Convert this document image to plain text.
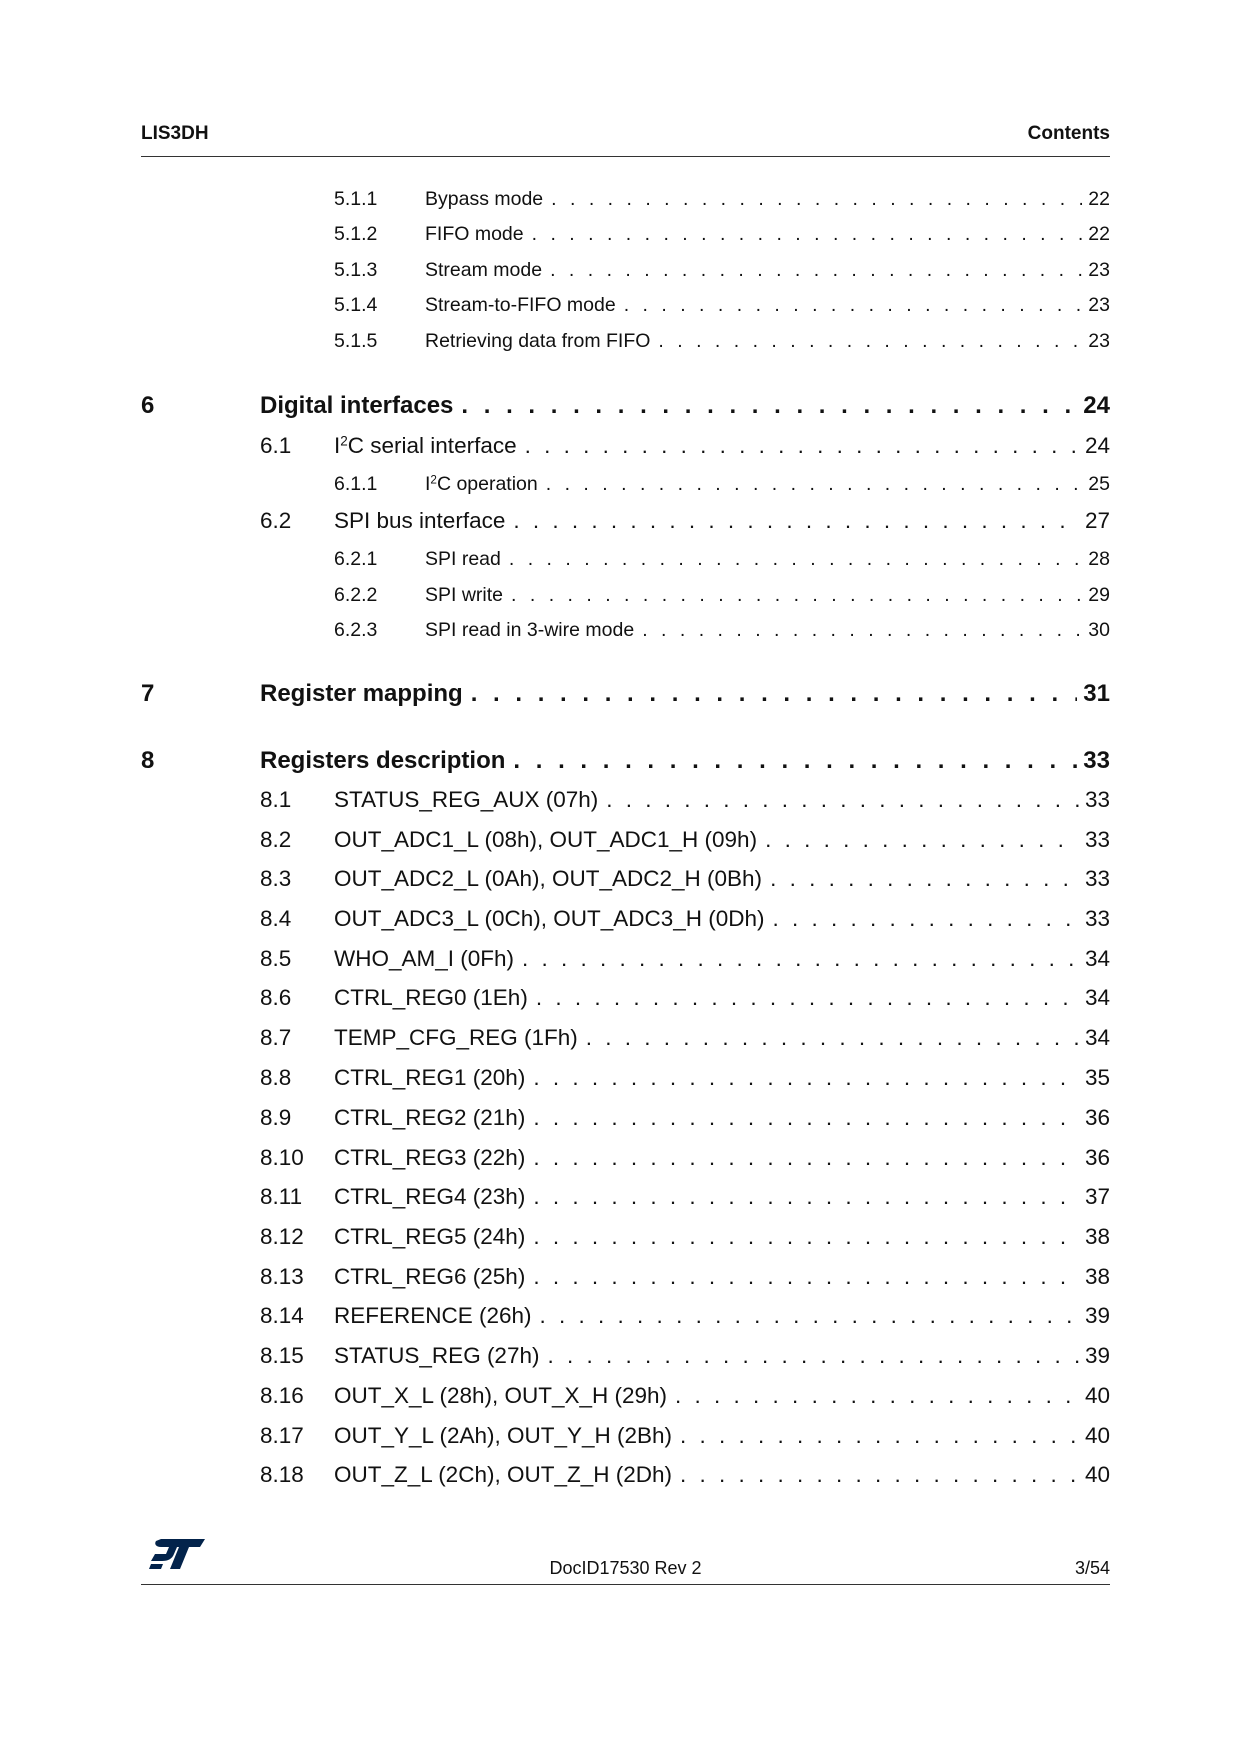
LIS3DH	Contents
5.1.1 Bypass mode . . .	22
5.1.2 FIFO mode . . .	22
5.1.3 Stream mode . . .	23
5.1.4 Stream-to-FIFO mode . . .	23
5.1.5 Retrieving data from FIFO . . .	23
6	Digital interfaces . . .	24
6.1 $I^2C$ serial interface . . .	24
6.1.1 $I^2C$ operation . . .	25
6.2 SPI bus interface . . .	27
6.2.1 SPI read . . .	28
6.2.2 SPI write . . .	29
6.2.3 SPI read in 3-wire mode . . .	30
7	Register mapping . . .	31
8	Registers description . . .	33
8.1 STATUS_REG_AUX (07h) . . .	33
8.2 OUT_ADC1_L (08h), OUT_ADC1_H (09h) . . .	33
8.3 OUT_ADC2_L (0Ah), OUT_ADC2_H (0Bh) . . .	33
8.4 OUT_ADC3_L (0Ch), OUT_ADC3_H (0Dh) . . .	33
8.5 WHO_AM_I (0Fh) . . .	34
8.6 CTRL_REG0 (1Eh) . . .	34
8.7 TEMP_CFG_REG (1Fh) . . .	34
8.8 CTRL_REG1 (20h) . . .	35
8.9 CTRL_REG2 (21h) . . .	36
8.10 CTRL_REG3 (22h) . . .	36
8.11 CTRL_REG4 (23h) . . .	37
8.12 CTRL_REG5 (24h) . . .	38
8.13 CTRL_REG6 (25h) . . .	38
8.14 REFERENCE (26h) . . .	39
8.15 STATUS_REG (27h) . . .	39
8.16 OUT_X_L (28h), OUT_X_H (29h) . . .	40
8.17 OUT_Y_L (2Ah), OUT_Y_H (2Bh) . . .	40
8.18 OUT_Z_L (2Ch), OUT_Z_H (2Dh) . . .	40
DocID17530 Rev 2	3/54
